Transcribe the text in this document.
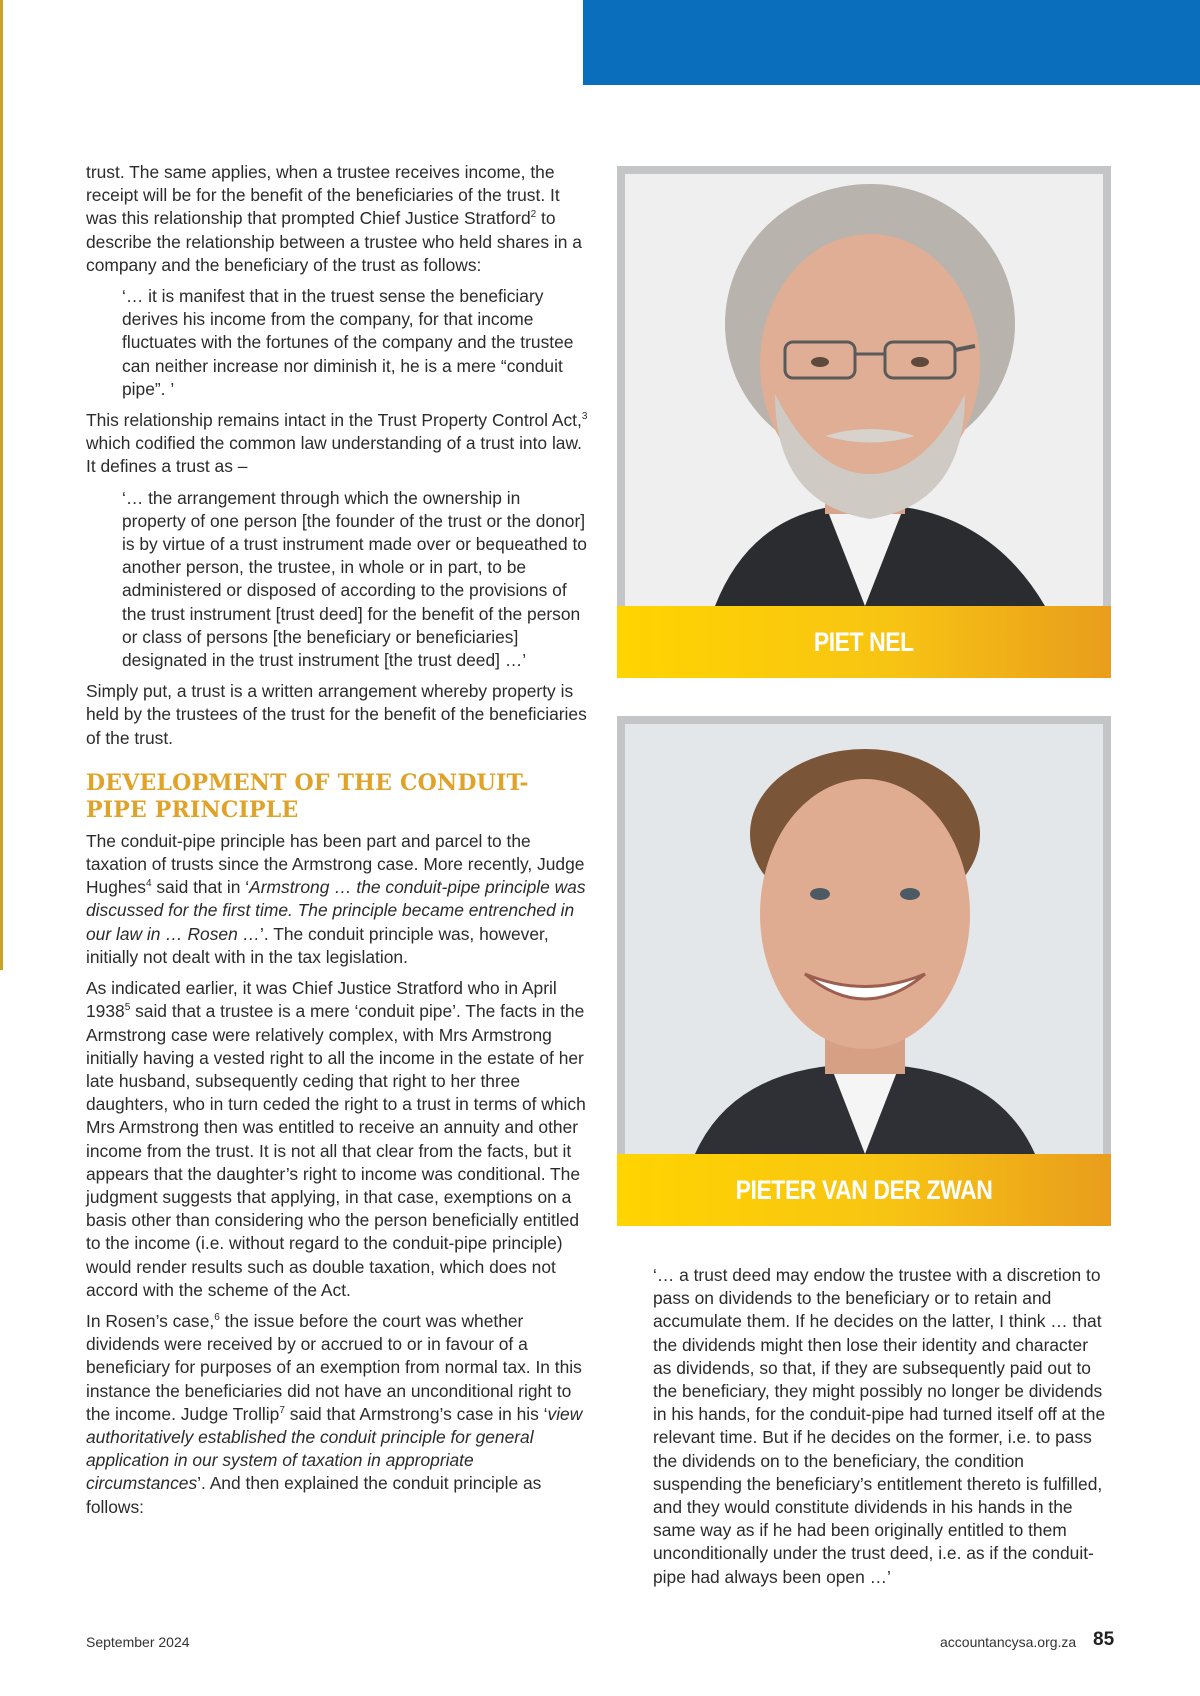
trust. The same applies, when a trustee receives income, the receipt will be for the benefit of the beneficiaries of the trust. It was this relationship that prompted Chief Justice Stratford$^2$ to describe the relationship between a trustee who held shares in a company and the beneficiary of the trust as follows:

‘… it is manifest that in the truest sense the beneficiary derives his income from the company, for that income fluctuates with the fortunes of the company and the trustee can neither increase nor diminish it, he is a mere “conduit pipe”. ’

This relationship remains intact in the Trust Property Control Act,$^3$ which codified the common law understanding of a trust into law. It defines a trust as –

‘… the arrangement through which the ownership in property of one person [the founder of the trust or the donor] is by virtue of a trust instrument made over or bequeathed to another person, the trustee, in whole or in part, to be administered or disposed of according to the provisions of the trust instrument [trust deed] for the benefit of the person or class of persons [the beneficiary or beneficiaries] designated in the trust instrument [the trust deed] …’

Simply put, a trust is a written arrangement whereby property is held by the trustees of the trust for the benefit of the beneficiaries of the trust.

DEVELOPMENT OF THE CONDUIT-PIPE PRINCIPLE

The conduit-pipe principle has been part and parcel to the taxation of trusts since the Armstrong case. More recently, Judge Hughes$^4$ said that in ‘Armstrong … the conduit-pipe principle was discussed for the first time. The principle became entrenched in our law in … Rosen …’. The conduit principle was, however, initially not dealt with in the tax legislation.

As indicated earlier, it was Chief Justice Stratford who in April 1938$^5$ said that a trustee is a mere ‘conduit pipe’. The facts in the Armstrong case were relatively complex, with Mrs Armstrong initially having a vested right to all the income in the estate of her late husband, subsequently ceding that right to her three daughters, who in turn ceded the right to a trust in terms of which Mrs Armstrong then was entitled to receive an annuity and other income from the trust. It is not all that clear from the facts, but it appears that the daughter’s right to income was conditional. The judgment suggests that applying, in that case, exemptions on a basis other than considering who the person beneficially entitled to the income (i.e. without regard to the conduit-pipe principle) would render results such as double taxation, which does not accord with the scheme of the Act.

In Rosen’s case,$^6$ the issue before the court was whether dividends were received by or accrued to or in favour of a beneficiary for purposes of an exemption from normal tax. In this instance the beneficiaries did not have an unconditional right to the income. Judge Trollip$^7$ said that Armstrong’s case in his ‘view authoritatively established the conduit principle for general application in our system of taxation in appropriate circumstances’. And then explained the conduit principle as follows:

PIET NEL
PIETER VAN DER ZWAN

‘… a trust deed may endow the trustee with a discretion to pass on dividends to the beneficiary or to retain and accumulate them. If he decides on the latter, I think … that the dividends might then lose their identity and character as dividends, so that, if they are subsequently paid out to the beneficiary, they might possibly no longer be dividends in his hands, for the conduit-pipe had turned itself off at the relevant time. But if he decides on the former, i.e. to pass the dividends on to the beneficiary, the condition suspending the beneficiary’s entitlement thereto is fulfilled, and they would constitute dividends in his hands in the same way as if he had been originally entitled to them unconditionally under the trust deed, i.e. as if the conduit-pipe had always been open …’

September 2024	accountancysa.org.za 85
